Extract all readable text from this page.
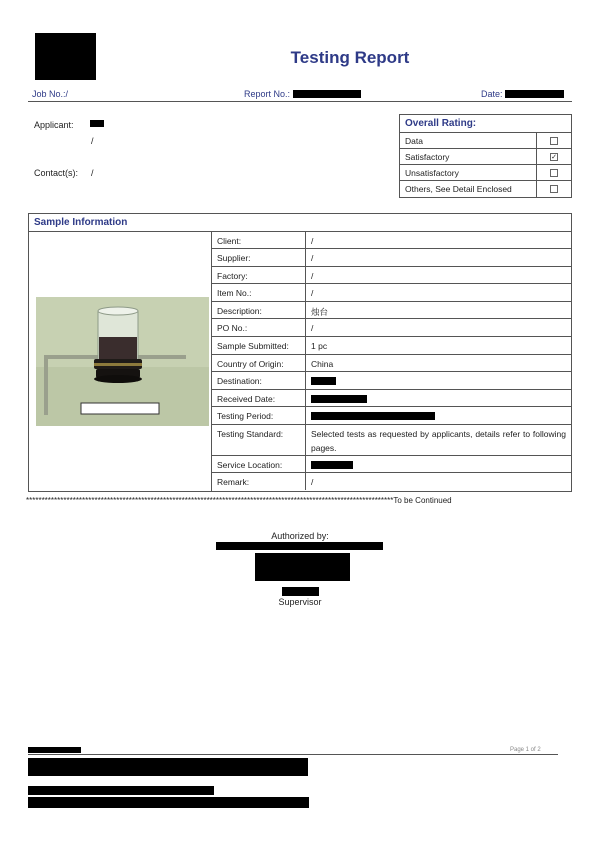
Testing Report
Job No.:/	Report No.:	Date:
Applicant:
/
Contact(s): /
Overall Rating:
Data
Satisfactory	✓
Unsatisfactory
Others, See Detail Enclosed
Sample Information
Client:	/
Supplier:	/
Factory:	/
Item No.:	/
Description:	烛台
PO No.:	/
Sample Submitted:	1 pc
Country of Origin:	China
Destination:
Received Date:
Testing Period:
Testing Standard:	Selected tests as requested by applicants, details refer to following pages.
Service Location:
Remark:	/
**********************************************************************************************************************To be Continued
Authorized by:
Supervisor
Page 1 of 2
